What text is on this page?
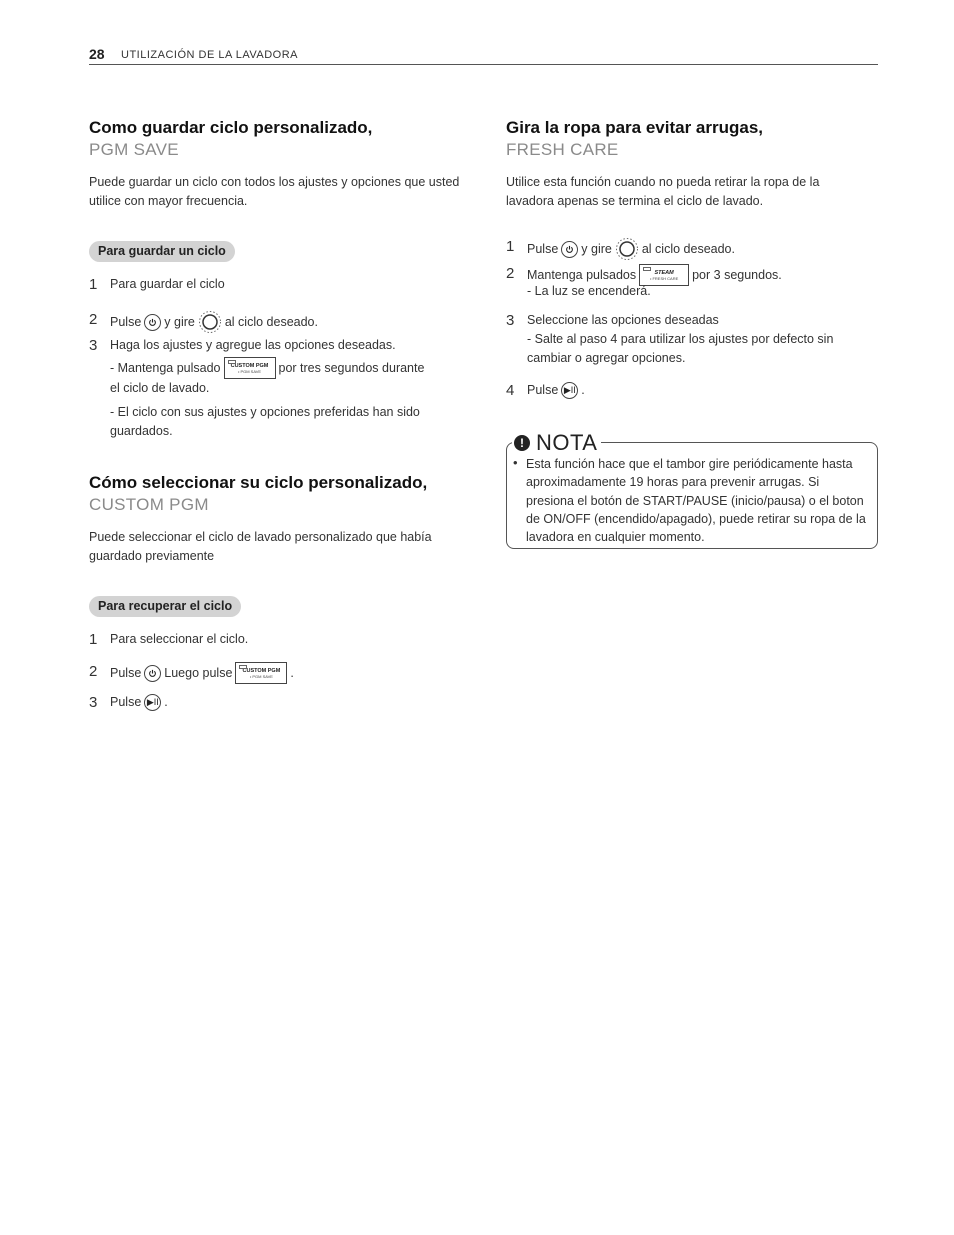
28 UTILIZACIÓN DE LA LAVADORA
Como guardar ciclo personalizado,
PGM SAVE
Puede guardar un ciclo con todos los ajustes y opciones que usted utilice con mayor frecuencia.
Para guardar un ciclo
1 Para guardar el ciclo
2 Pulse y gire al ciclo deseado.
3 Haga los ajustes y agregue las opciones deseadas.
- Mantenga pulsado CUSTOM PGM
• PGM SAVE por tres segundos durante
el ciclo de lavado.
- El ciclo con sus ajustes y opciones preferidas han sido guardados.
Cómo seleccionar su ciclo personalizado,
CUSTOM PGM
Puede seleccionar el ciclo de lavado personalizado que había guardado previamente
Para recuperar el ciclo
1 Para seleccionar el ciclo.
2 Pulse Luego pulse CUSTOM PGM
• PGM SAVE .
3 Pulse ▶II .
Gira la ropa para evitar arrugas,
FRESH CARE
Utilice esta función cuando no pueda retirar la ropa de la lavadora apenas se termina el ciclo de lavado.
1 Pulse y gire al ciclo deseado.
2 Mantenga pulsados	STEAM
• FRESH CARE por 3 segundos.
- La luz se encenderá.
3 Seleccione las opciones deseadas
- Salte al paso 4 para utilizar los ajustes por defecto sin cambiar o agregar opciones.
4 Pulse ▶II .
! NOTA
• Esta función hace que el tambor gire periódicamente hasta aproximadamente 19 horas para prevenir arrugas. Si presiona el botón de START/PAUSE (inicio/pausa) o el boton de ON/OFF (encendido/apagado), puede retirar su ropa de la lavadora en cualquier momento.
